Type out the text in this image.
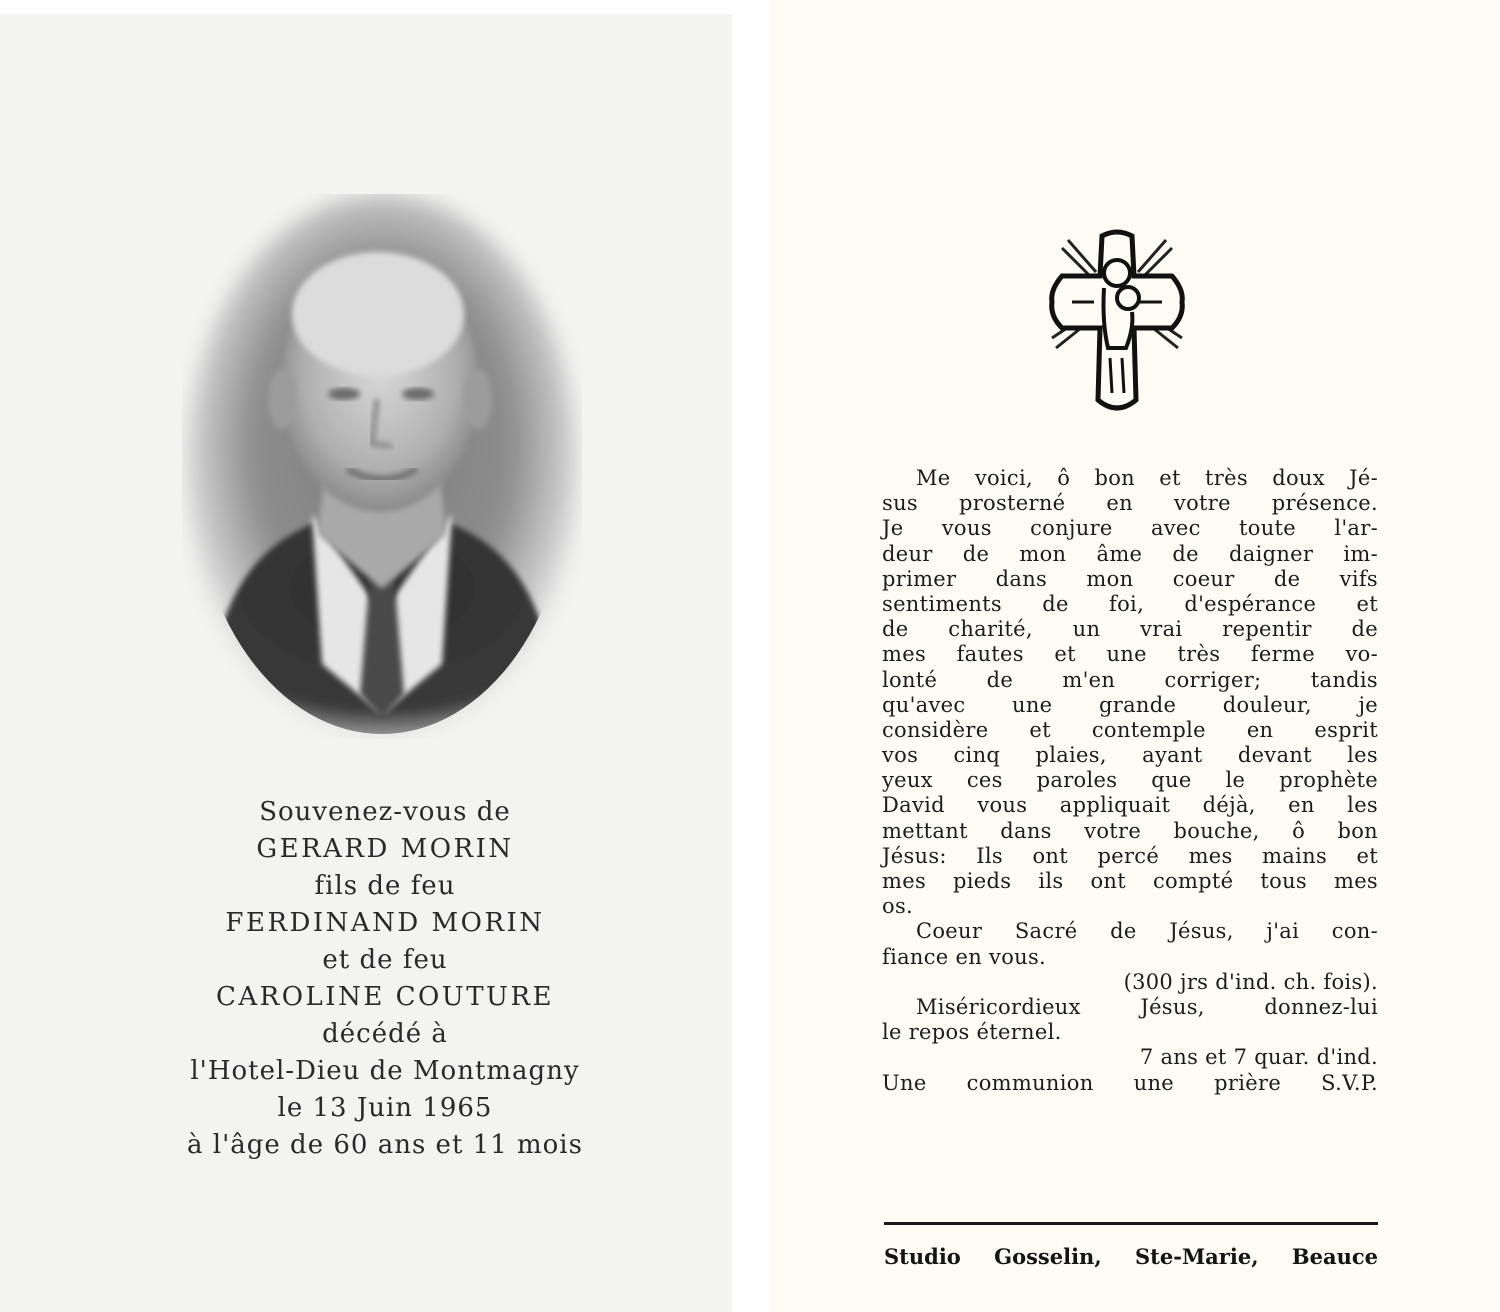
Souvenez-vous de
GERARD MORIN
fils de feu
FERDINAND MORIN
et de feu
CAROLINE COUTURE
décédé à
l'Hotel-Dieu de Montmagny
le 13 Juin 1965
à l'âge de 60 ans et 11 mois
Me voici, ô bon et très doux Jé-
sus prosterné en votre présence.
Je vous conjure avec toute l'ar-
deur de mon âme de daigner im-
primer dans mon coeur de vifs
sentiments de foi, d'espérance et
de charité, un vrai repentir de
mes fautes et une très ferme vo-
lonté de m'en corriger; tandis
qu'avec une grande douleur, je
considère et contemple en esprit
vos cinq plaies, ayant devant les
yeux ces paroles que le prophète
David vous appliquait déjà, en les
mettant dans votre bouche, ô bon
Jésus: Ils ont percé mes mains et
mes pieds ils ont compté tous mes
os.
Coeur Sacré de Jésus, j'ai con-
fiance en vous.
(300 jrs d'ind. ch. fois).
Miséricordieux Jésus, donnez-lui
le repos éternel.
7 ans et 7 quar. d'ind.
Une communion une prière S.V.P.
Studio Gosselin, Ste-Marie, Beauce
